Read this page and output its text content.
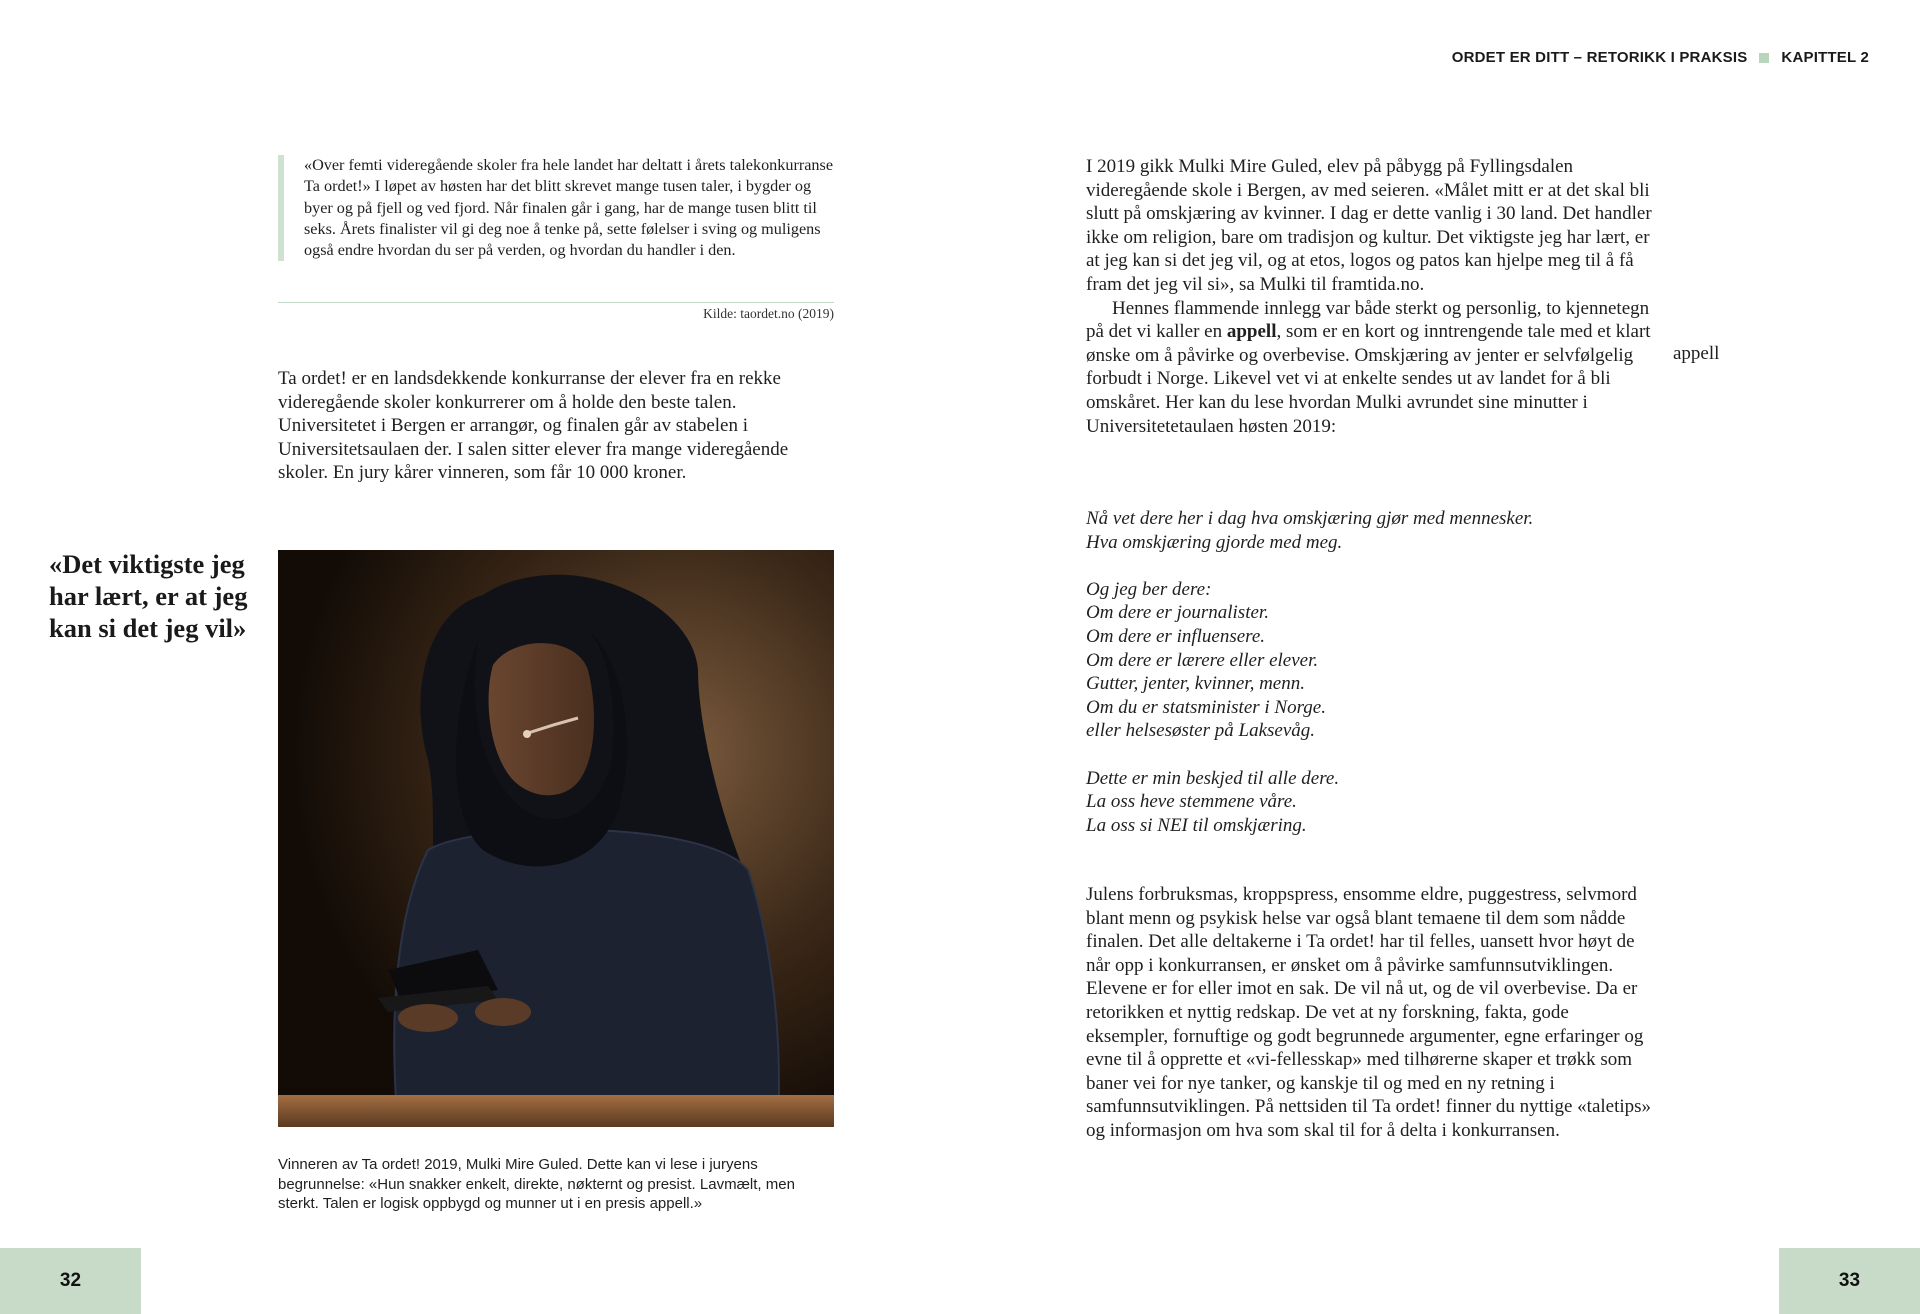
ORDET ER DITT – RETORIKK I PRAKSIS KAPITTEL 2

«Over femti videregående skoler fra hele landet har deltatt i årets talekonkurranse Ta ordet!» I løpet av høsten har det blitt skrevet mange tusen taler, i bygder og byer og på fjell og ved fjord. Når finalen går i gang, har de mange tusen blitt til seks. Årets finalister vil gi deg noe å tenke på, sette følelser i sving og muligens også endre hvordan du ser på verden, og hvordan du handler i den.

Kilde: taordet.no (2019)

Ta ordet! er en landsdekkende konkurranse der elever fra en rekke videregående skoler konkurrerer om å holde den beste talen. Universitetet i Bergen er arrangør, og finalen går av stabelen i Universitetsaulaen der. I salen sitter elever fra mange videregående skoler. En jury kårer vinneren, som får 10 000 kroner.

«Det viktigste jeg har lært, er at jeg kan si det jeg vil»
Vinneren av Ta ordet! 2019, Mulki Mire Guled. Dette kan vi lese i juryens begrunnelse: «Hun snakker enkelt, direkte, nøkternt og presist. Lavmælt, men sterkt. Talen er logisk oppbygd og munner ut i en presis appell.»

I 2019 gikk Mulki Mire Guled, elev på påbygg på Fyllingsdalen videregående skole i Bergen, av med seieren. «Målet mitt er at det skal bli slutt på omskjæring av kvinner. I dag er dette vanlig i 30 land. Det handler ikke om religion, bare om tradisjon og kultur. Det viktigste jeg har lært, er at jeg kan si det jeg vil, og at etos, logos og patos kan hjelpe meg til å få fram det jeg vil si», sa Mulki til framtida.no.

Hennes flammende innlegg var både sterkt og personlig, to kjennetegn på det vi kaller en appell, som er en kort og inntrengende tale med et klart ønske om å påvirke og overbevise. Omskjæring av jenter er selvfølgelig forbudt i Norge. Likevel vet vi at enkelte sendes ut av landet for å bli omskåret. Her kan du lese hvordan Mulki avrundet sine minutter i Universitetetaulaen høsten 2019:

appell

Nå vet dere her i dag hva omskjæring gjør med mennesker.
Hva omskjæring gjorde med meg.

Og jeg ber dere:
Om dere er journalister.
Om dere er influensere.
Om dere er lærere eller elever.
Gutter, jenter, kvinner, menn.
Om du er statsminister i Norge.
eller helsesøster på Laksevåg.

Dette er min beskjed til alle dere.
La oss heve stemmene våre.
La oss si NEI til omskjæring.

Julens forbruksmas, kroppspress, ensomme eldre, puggestress, selvmord blant menn og psykisk helse var også blant temaene til dem som nådde finalen. Det alle deltakerne i Ta ordet! har til felles, uansett hvor høyt de når opp i konkurransen, er ønsket om å påvirke samfunnsutviklingen. Elevene er for eller imot en sak. De vil nå ut, og de vil overbevise. Da er retorikken et nyttig redskap. De vet at ny forskning, fakta, gode eksempler, fornuftige og godt begrunnede argumenter, egne erfaringer og evne til å opprette et «vi-fellesskap» med tilhørerne skaper et trøkk som baner vei for nye tanker, og kanskje til og med en ny retning i samfunnsutviklingen. På nettsiden til Ta ordet! finner du nyttige «taletips» og informasjon om hva som skal til for å delta i konkurransen.

32	33
